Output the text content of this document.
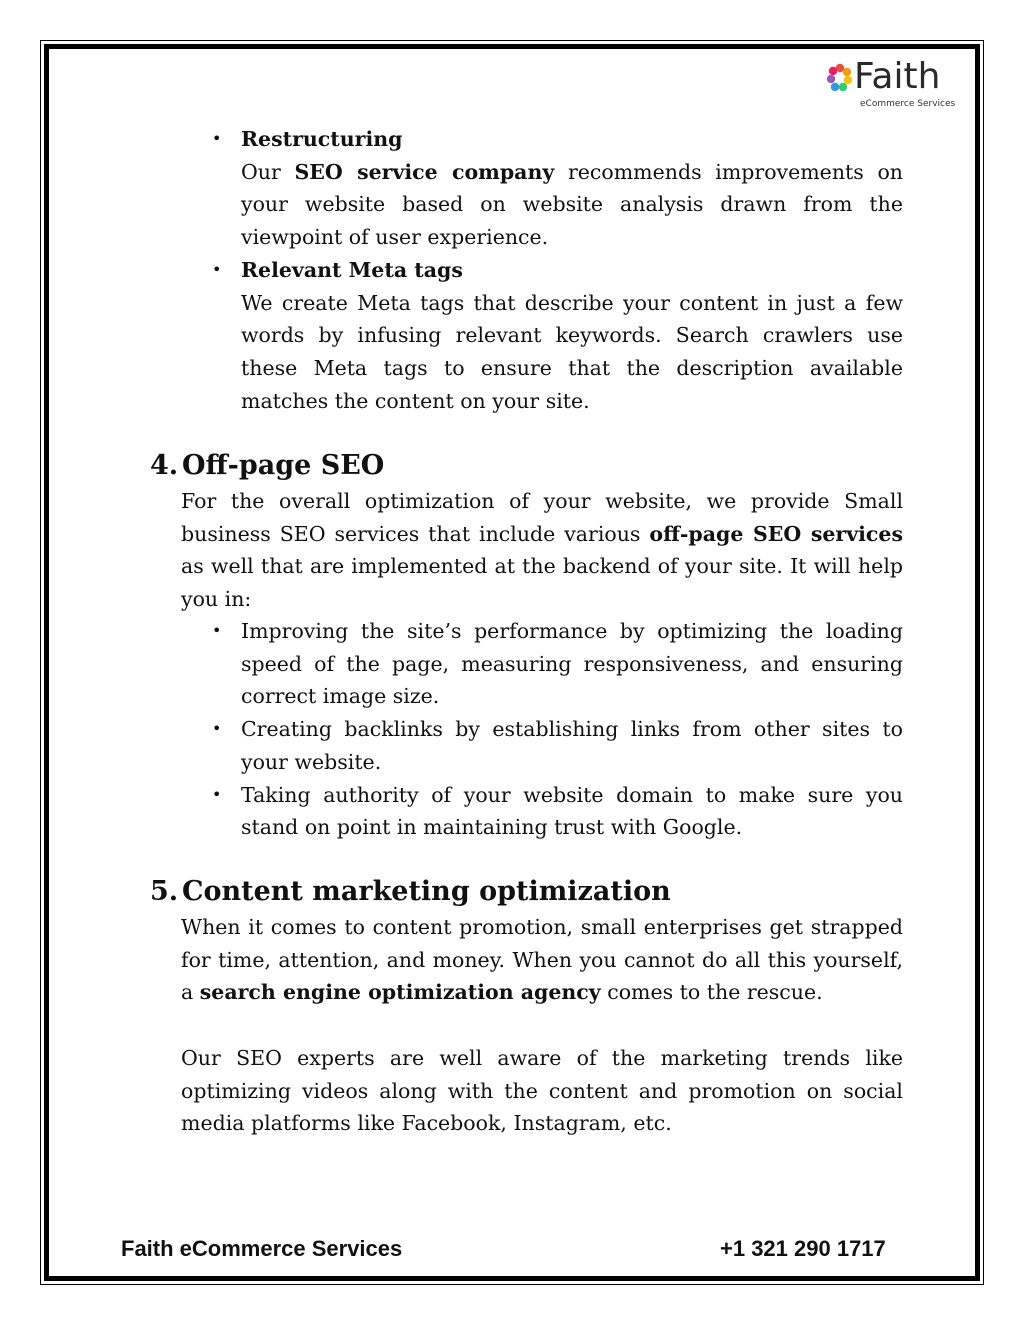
Faith
eCommerce Services
• Restructuring
Our SEO service company recommends improvements on your website based on website analysis drawn from the viewpoint of user experience.
• Relevant Meta tags
We create Meta tags that describe your content in just a few words by infusing relevant keywords. Search crawlers use these Meta tags to ensure that the description available matches the content on your site.
4. Off-page SEO
For the overall optimization of your website, we provide Small business SEO services that include various off-page SEO services as well that are implemented at the backend of your site. It will help you in:
• Improving the site’s performance by optimizing the loading speed of the page, measuring responsiveness, and ensuring correct image size.
• Creating backlinks by establishing links from other sites to your website.
• Taking authority of your website domain to make sure you stand on point in maintaining trust with Google.
5. Content marketing optimization
When it comes to content promotion, small enterprises get strapped for time, attention, and money. When you cannot do all this yourself, a search engine optimization agency comes to the rescue.
Our SEO experts are well aware of the marketing trends like optimizing videos along with the content and promotion on social media platforms like Facebook, Instagram, etc.
Faith eCommerce Services	+1 321 290 1717
